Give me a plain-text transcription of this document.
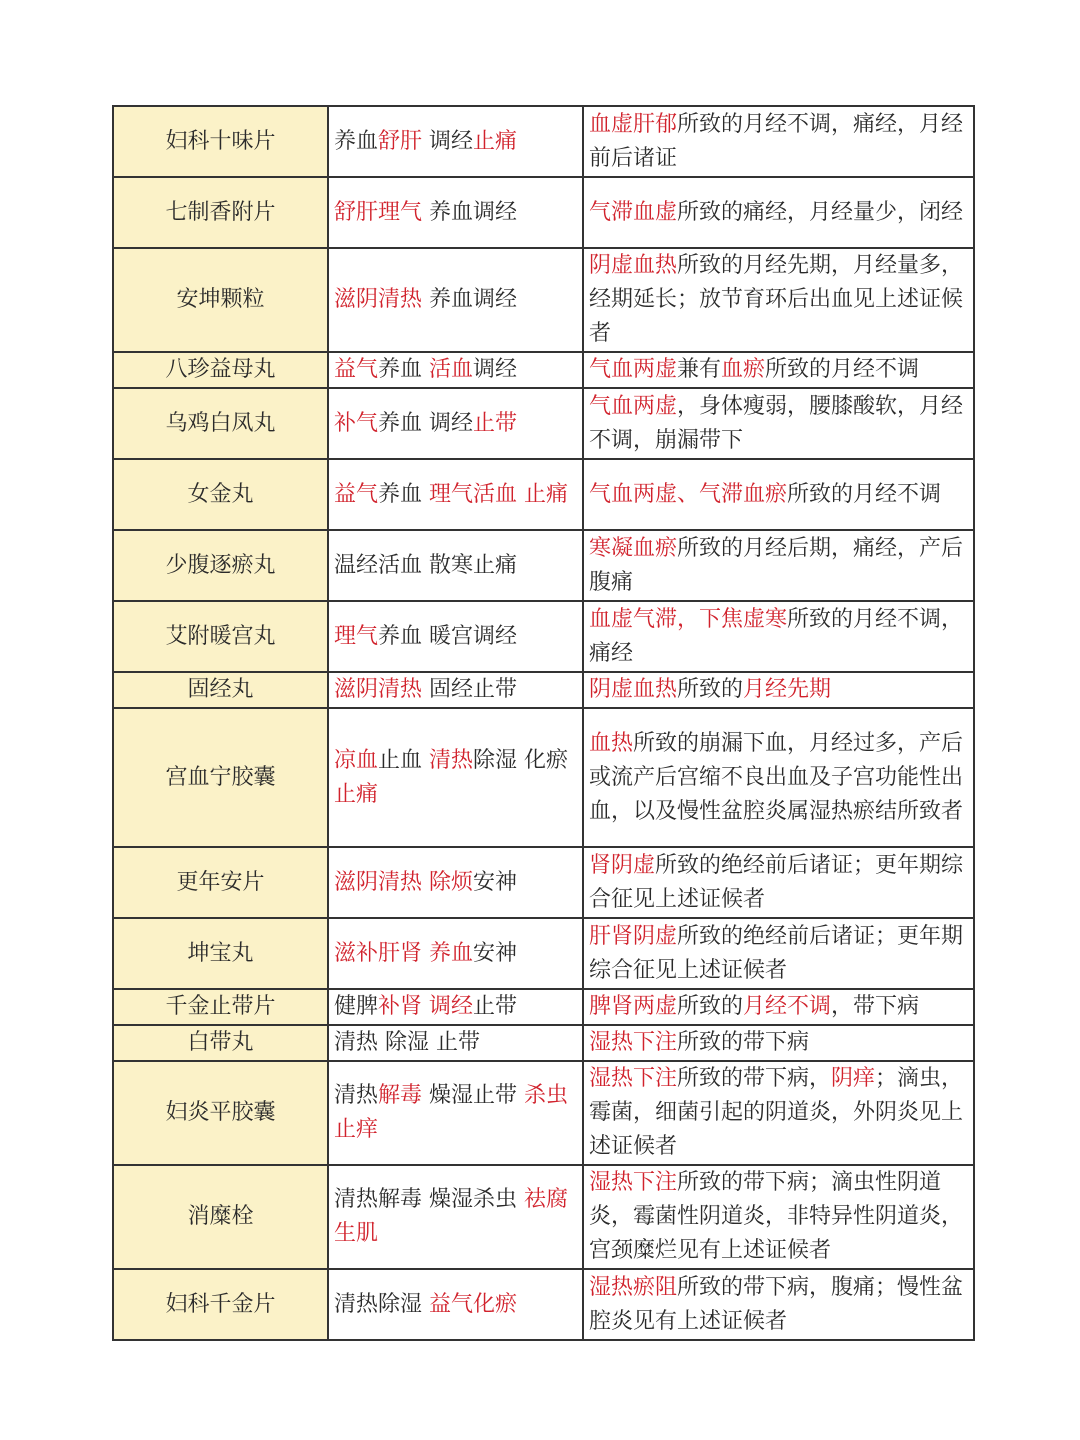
妇科十味片	养血舒肝 调经止痛	血虚肝郁所致的月经不调，痛经，月经前后诸证
七制香附片	舒肝理气 养血调经	气滞血虚所致的痛经，月经量少，闭经
安坤颗粒	滋阴清热 养血调经	阴虚血热所致的月经先期，月经量多，经期延长；放节育环后出血见上述证候者
八珍益母丸	益气养血 活血调经	气血两虚兼有血瘀所致的月经不调
乌鸡白凤丸	补气养血 调经止带	气血两虚，身体瘦弱，腰膝酸软，月经不调，崩漏带下
女金丸	益气养血 理气活血 止痛	气血两虚、气滞血瘀所致的月经不调
少腹逐瘀丸	温经活血 散寒止痛	寒凝血瘀所致的月经后期，痛经，产后腹痛
艾附暖宫丸	理气养血 暖宫调经	血虚气滞，下焦虚寒所致的月经不调，痛经
固经丸	滋阴清热 固经止带	阴虚血热所致的月经先期
宫血宁胶囊	凉血止血 清热除湿 化瘀止痛	血热所致的崩漏下血，月经过多，产后或流产后宫缩不良出血及子宫功能性出血，以及慢性盆腔炎属湿热瘀结所致者
更年安片	滋阴清热 除烦安神	肾阴虚所致的绝经前后诸证；更年期综合征见上述证候者
坤宝丸	滋补肝肾 养血安神	肝肾阴虚所致的绝经前后诸证；更年期综合征见上述证候者
千金止带片	健脾补肾 调经止带	脾肾两虚所致的月经不调，带下病
白带丸	清热 除湿 止带	湿热下注所致的带下病
妇炎平胶囊	清热解毒 燥湿止带 杀虫止痒	湿热下注所致的带下病，阴痒；滴虫，霉菌，细菌引起的阴道炎，外阴炎见上述证候者
消糜栓	清热解毒 燥湿杀虫 祛腐生肌	湿热下注所致的带下病；滴虫性阴道炎，霉菌性阴道炎，非特异性阴道炎，宫颈糜烂见有上述证候者
妇科千金片	清热除湿 益气化瘀	湿热瘀阻所致的带下病，腹痛；慢性盆腔炎见有上述证候者
